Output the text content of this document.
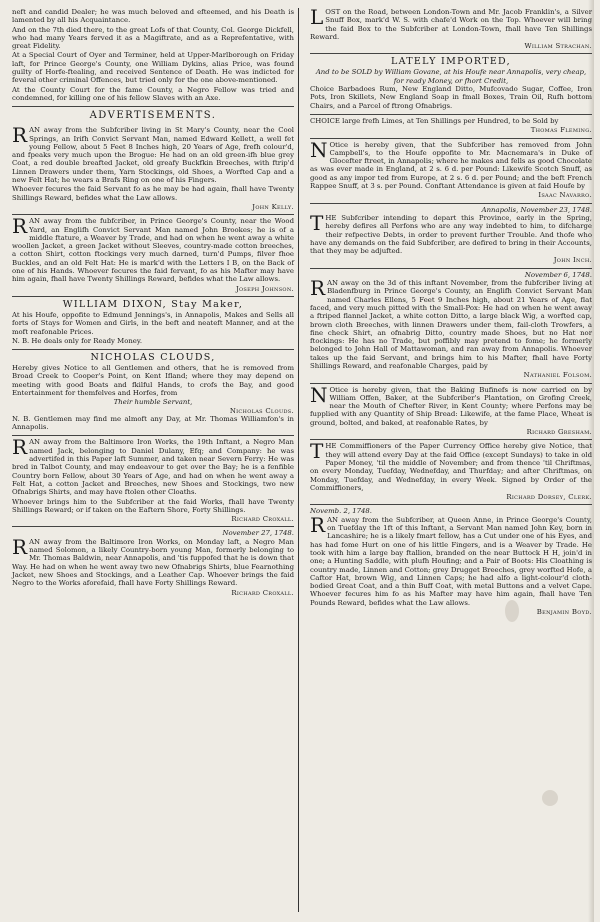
neft and candid Dealer; he was much beloved and efteemed, and his Death is lamented by all his Acquaintance.

And on the 7th died there, to the great Lofs of that County, Col. George Dickfell, who had many Years ferved it as a Magiftrate, and as a Reprefentative, with great Fidelity.

At a Special Court of Oyer and Terminer, held at Upper-Marlborough on Friday laft, for Prince George's County, one William Dykins, alias Price, was found guilty of Horfe-ftealing, and received Sentence of Death. He was indicted for feveral other criminal Offences, but tried only for the one above-mentioned.

At the County Court for the fame County, a Negro Fellow was tried and condemned, for killing one of his fellow Slaves with an Axe.

ADVERTISEMENTS.
R AN away from the Subfcriber living in St Mary's County, near the Cool Springs, an Irifh Convict Servant Man, named Edward Kellett, a well fet young Fellow, about 5 Feet 8 Inches high, 20 Years of Age, frefh colour'd, and fpeaks very much upon the Brogue: He had on an old green-ifh blue grey Coat, a red double breafted Jacket, old greafy Buckfkin Breeches, with ftrip'd Linnen Drawers under them, Yarn Stockings, old Shoes, a Worfted Cap and a new Felt Hat; he wears a Brafs Ring on one of his Fingers.

Whoever fecures the faid Servant fo as he may be had again, fhall have Twenty Shillings Reward, befides what the Law allows.

John Kelly.
R AN away from the fubfcriber, in Prince George's County, near the Wood Yard, an Englifh Convict Servant Man named John Brookes; he is of a middle ftature, a Weaver by Trade, and had on when he went away a white woollen Jacket, a green Jacket without Sleeves, country-made cotton breeches, a cotton Shirt, cotton ftockings very much darned, turn'd Pumps, filver fhoe Buckles, and an old Felt Hat: He is mark'd with the Letters I B, on the Back of one of his Hands. Whoever fecures the faid fervant, fo as his Mafter may have him again, fhall have Twenty Shillings Reward, befides what the Law allows.

Joseph Johnson.
WILLIAM DIXON, Stay Maker,

At his Houfe, oppofite to Edmund Jennings's, in Annapolis, Makes and Sells all forts of Stays for Women and Girls, in the beft and neateft Manner, and at the moft reafonable Prices.

N. B. He deals only for Ready Money.

NICHOLAS CLOUDS,

Hereby gives Notice to all Gentlemen and others, that he is removed from Broad Creek to Cooper's Point, on Kent Ifland; where they may depend on meeting with good Boats and fkilful Hands, to crofs the Bay, and good Entertainment for themfelves and Horfes, from

Their humble Servant,
Nicholas Clouds.

N. B. Gentlemen may find me almoft any Day, at Mr. Thomas Williamfon's in Annapolis.

R AN away from the Baltimore Iron Works, the 19th Inftant, a Negro Man named Jack, belonging to Daniel Dulany, Efq; and Company: he was advertifed in this Paper laft Summer, and taken near Severn Ferry: He was bred in Talbot County, and may endeavour to get over the Bay; he is a fenfible Country born Fellow, about 30 Years of Age, and had on when he went away a Felt Hat, a cotton Jacket and Breeches, new Shoes and Stockings, two new Ofnabrigs Shirts, and may have ftolen other Cloaths.

Whoever brings him to the Subfcriber at the faid Works, fhall have Twenty Shillings Reward; or if taken on the Eaftern Shore, Forty Shillings.

Richard Croxall.
November 27, 1748.
R AN away from the Baltimore Iron Works, on Monday laft, a Negro Man named Solomon, a likely Country-born young Man, formerly belonging to Mr. Thomas Baldwin, near Annapolis, and 'tis fuppofed that he is down that Way. He had on when he went away two new Ofnabrigs Shirts, blue Fearnothing Jacket, new Shoes and Stockings, and a Leather Cap. Whoever brings the faid Negro to the Works aforefaid, fhall have Forty Shillings Reward.

Richard Croxall.
L OST on the Road, between London-Town and Mr. Jacob Franklin's, a Silver Snuff Box, mark'd W. S. with chafe'd Work on the Top. Whoever will bring the faid Box to the Subfcriber at London-Town, fhall have Ten Shillings Reward.

William Strachan.
LATELY IMPORTED,
And to be SOLD by William Govane, at his Houfe near Annapolis, very cheap, for ready Money, or fhort Credit,

Choice Barbadoes Rum, New England Ditto, Mufcovado Sugar, Coffee, Iron Pots, Iron Skillets, New England Soap in fmall Boxes, Train Oil, Rufh bottom Chairs, and a Parcel of ftrong Ofnabrigs.

CHOICE large frefh Limes, at Ten Shillings per Hundred, to be Sold by

Thomas Fleming.
N Otice is hereby given, that the Subfcriber has removed from John Campbell's, to the Houfe oppofite to Mr. Macnemara's in Duke of Glocefter ftreet, in Annapolis; where he makes and fells as good Chocolate as was ever made in England, at 2 s. 6 d. per Pound: Likewife Scotch Snuff, as good as any impor ted from Europe, at 2 s. 6 d. per Pound; and the beft French Rappee Snuff, at 3 s. per Pound. Conftant Attendance is given at faid Houfe by

Isaac Navarro.
Annapolis, November 23, 1748.
T HE Subfcriber intending to depart this Province, early in the Spring, hereby defires all Perfons who are any way indebted to him, to difcharge their refpective Debts, in order to prevent further Trouble. And thofe who have any demands on the faid Subfcriber, are defired to bring in their Accounts, that they may be adjufted.

John Inch.
November 6, 1748.
R AN away on the 3d of this inftant November, from the fubfcriber living at Bladenfburg in Prince George's County, an Englifh Convict Servant Man named Charles Ellens, 5 Feet 9 Inches high, about 21 Years of Age, flat faced, and very much pitted with the Small-Pox: He had on when he went away a ftriped flannel Jacket, a white cotton Ditto, a large black Wig, a worfted cap, brown cloth Breeches, with linnen Drawers under them, fail-cloth Trowfers, a fine check Shirt, an ofnabrig Ditto, country made Shoes, but no Hat nor ftockings: He has no Trade, but poffibly may pretend to fome; he formerly belonged to John Hall of Mattawoman, and ran away from Annapolis. Whoever takes up the faid Servant, and brings him to his Mafter, fhall have Forty Shillings Reward, and reafonable Charges, paid by

Nathaniel Folsom.
N Otice is hereby given, that the Baking Bufinefs is now carried on by William Offen, Baker, at the Subfcriber's Plantation, on Grofing Creek, near the Mouth of Chefter River, in Kent County; where Perfons may be fupplied with any Quantity of Ship Bread: Likewife, at the fame Place, Wheat is ground, bolted, and baked, at reafonable Rates, by

Richard Gresham.
T HE Commiffioners of the Paper Currency Office hereby give Notice, that they will attend every Day at the faid Office (except Sundays) to take in old Paper Money, 'til the middle of November; and from thence 'til Chriftmas, on every Monday, Tuefday, Wednefday, and Thurfday; and after Chriftmas, on Monday, Tuefday, and Wednefday, in every Week. Signed by Order of the Commiffioners,

Richard Dorsey, Clerk.
Novemb. 2, 1748.
R AN away from the Subfcriber, at Queen Anne, in Prince George's County, on Tuefday the 1ft of this Inftant, a Servant Man named John Key, born in Lancashire; he is a likely fmart fellow, has a Cut under one of his Eyes, and has had fome Hurt on one of his little Fingers, and is a Weaver by Trade. He took with him a large bay ftallion, branded on the near Buttock H H, join'd in one; a Hunting Saddle, with plufh Houfing; and a Pair of Boots: His Cloathing is country made, Linnen and Cotton; grey Drugget Breeches, grey worfted Hofe, a Caftor Hat, brown Wig, and Linnen Caps; he had alfo a light-colour'd cloth-bodied Great Coat, and a thin Buff Coat, with metal Buttons and a velvet Cape. Whoever fecures him fo as his Mafter may have him again, fhall have Ten Pounds Reward, befides what the Law allows.

Benjamin Boyd.
